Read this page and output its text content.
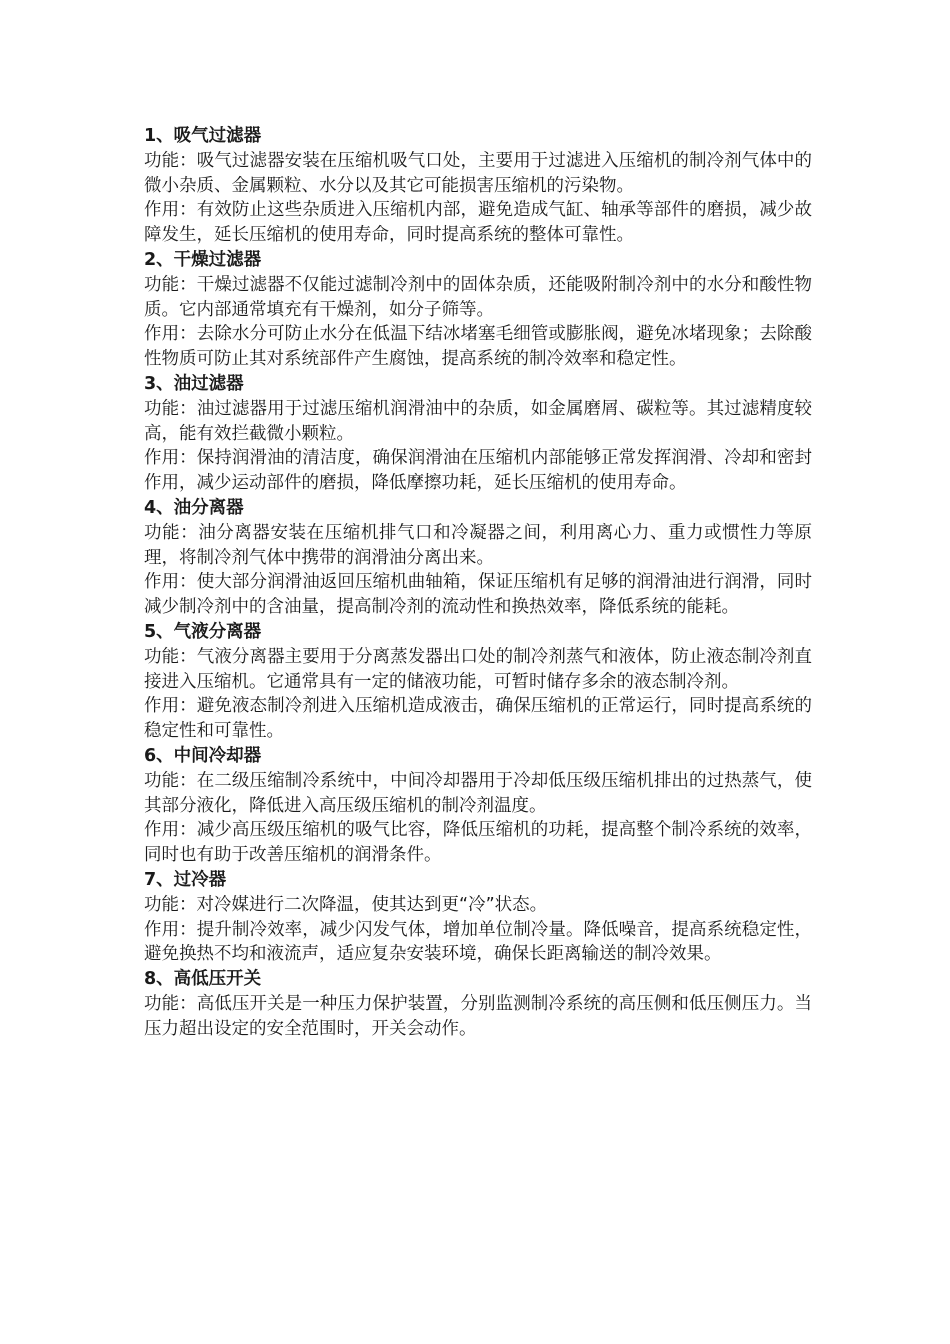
1、吸气过滤器

功能：吸气过滤器安装在压缩机吸气口处，主要用于过滤进入压缩机的制冷剂气体中的微小杂质、金属颗粒、水分以及其它可能损害压缩机的污染物。

作用：有效防止这些杂质进入压缩机内部，避免造成气缸、轴承等部件的磨损，减少故障发生，延长压缩机的使用寿命，同时提高系统的整体可靠性。

2、干燥过滤器

功能：干燥过滤器不仅能过滤制冷剂中的固体杂质，还能吸附制冷剂中的水分和酸性物质。它内部通常填充有干燥剂，如分子筛等。

作用：去除水分可防止水分在低温下结冰堵塞毛细管或膨胀阀，避免冰堵现象；去除酸性物质可防止其对系统部件产生腐蚀，提高系统的制冷效率和稳定性。

3、油过滤器

功能：油过滤器用于过滤压缩机润滑油中的杂质，如金属磨屑、碳粒等。其过滤精度较高，能有效拦截微小颗粒。

作用：保持润滑油的清洁度，确保润滑油在压缩机内部能够正常发挥润滑、冷却和密封作用，减少运动部件的磨损，降低摩擦功耗，延长压缩机的使用寿命。

4、油分离器

功能：油分离器安装在压缩机排气口和冷凝器之间，利用离心力、重力或惯性力等原理，将制冷剂气体中携带的润滑油分离出来。

作用：使大部分润滑油返回压缩机曲轴箱，保证压缩机有足够的润滑油进行润滑，同时减少制冷剂中的含油量，提高制冷剂的流动性和换热效率，降低系统的能耗。

5、气液分离器

功能：气液分离器主要用于分离蒸发器出口处的制冷剂蒸气和液体，防止液态制冷剂直接进入压缩机。它通常具有一定的储液功能，可暂时储存多余的液态制冷剂。

作用：避免液态制冷剂进入压缩机造成液击，确保压缩机的正常运行，同时提高系统的稳定性和可靠性。

6、中间冷却器

功能：在二级压缩制冷系统中，中间冷却器用于冷却低压级压缩机排出的过热蒸气，使其部分液化，降低进入高压级压缩机的制冷剂温度。

作用：减少高压级压缩机的吸气比容，降低压缩机的功耗，提高整个制冷系统的效率，同时也有助于改善压缩机的润滑条件。

7、过冷器

功能：对冷媒进行二次降温，使其达到更“冷”状态。

作用：提升制冷效率，减少闪发气体，增加单位制冷量。降低噪音，提高系统稳定性，避免换热不均和液流声，适应复杂安装环境，确保长距离输送的制冷效果。

8、高低压开关

功能：高低压开关是一种压力保护装置，分别监测制冷系统的高压侧和低压侧压力。当压力超出设定的安全范围时，开关会动作。
